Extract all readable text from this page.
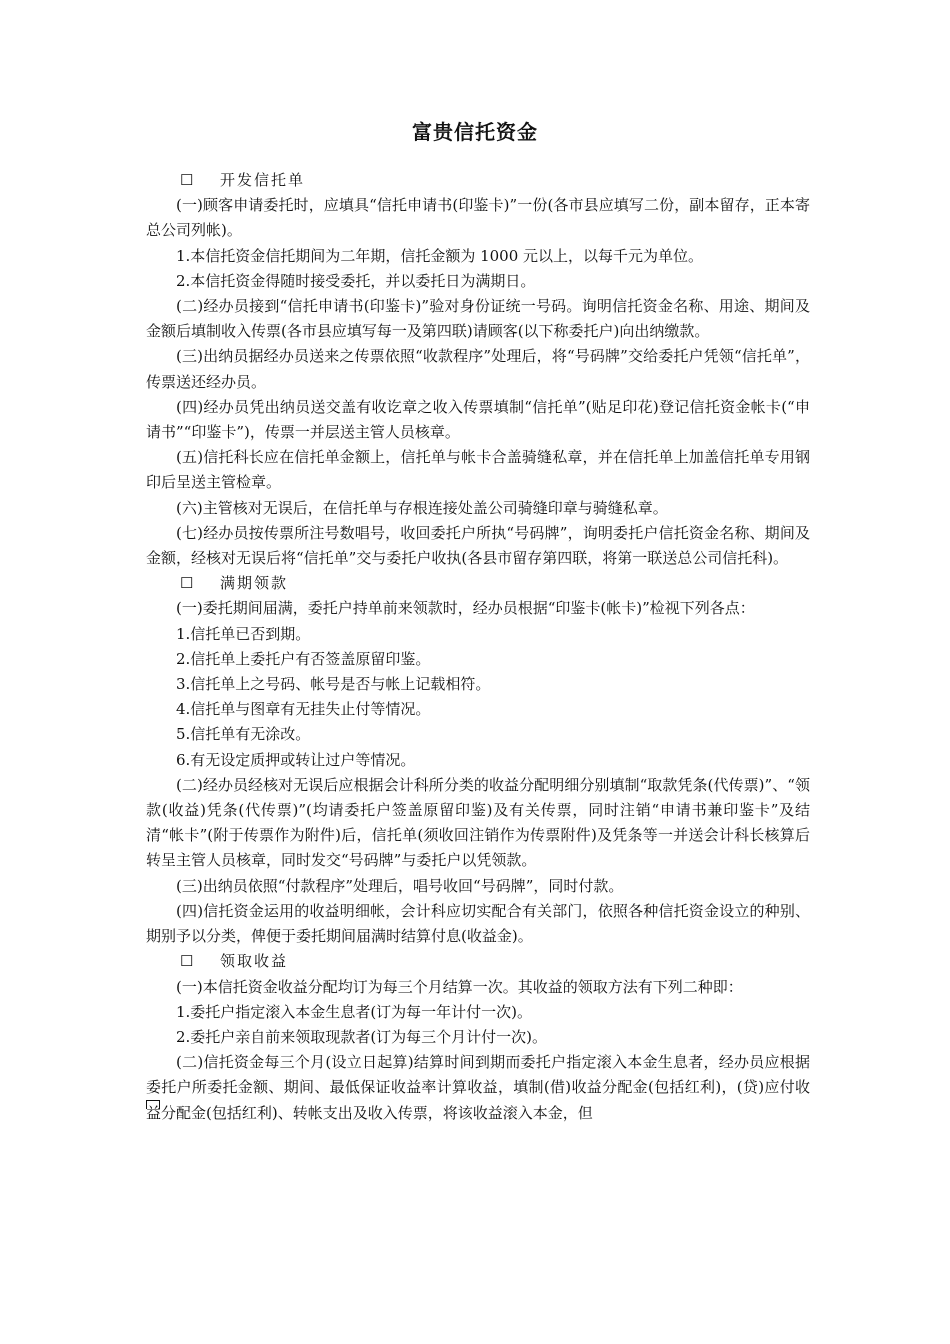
富贵信托资金

☐ 开发信托单

(一)顾客申请委托时，应填具“信托申请书(印鉴卡)”一份(各市县应填写二份，副本留存，正本寄总公司列帐)。

1.本信托资金信托期间为二年期，信托金额为 1000 元以上，以每千元为单位。

2.本信托资金得随时接受委托，并以委托日为满期日。

(二)经办员接到“信托申请书(印鉴卡)”验对身份证统一号码。询明信托资金名称、用途、期间及金额后填制收入传票(各市县应填写每一及第四联)请顾客(以下称委托户)向出纳缴款。

(三)出纳员据经办员送来之传票依照“收款程序”处理后，将“号码牌”交给委托户凭领“信托单”，传票送还经办员。

(四)经办员凭出纳员送交盖有收讫章之收入传票填制“信托单”(贴足印花)登记信托资金帐卡(“申请书”“印鉴卡”)，传票一并层送主管人员核章。

(五)信托科长应在信托单金额上，信托单与帐卡合盖骑缝私章，并在信托单上加盖信托单专用钢印后呈送主管检章。

(六)主管核对无误后，在信托单与存根连接处盖公司骑缝印章与骑缝私章。

(七)经办员按传票所注号数唱号，收回委托户所执“号码牌”，询明委托户信托资金名称、期间及金额，经核对无误后将“信托单”交与委托户收执(各县市留存第四联，将第一联送总公司信托科)。

☐ 满期领款

(一)委托期间届满，委托户持单前来领款时，经办员根据“印鉴卡(帐卡)”检视下列各点：

1.信托单已否到期。

2.信托单上委托户有否签盖原留印鉴。

3.信托单上之号码、帐号是否与帐上记载相符。

4.信托单与图章有无挂失止付等情况。

5.信托单有无涂改。

6.有无设定质押或转让过户等情况。

(二)经办员经核对无误后应根据会计科所分类的收益分配明细分别填制“取款凭条(代传票)”、“领款(收益)凭条(代传票)”(均请委托户签盖原留印鉴)及有关传票，同时注销“申请书兼印鉴卡”及结清“帐卡”(附于传票作为附件)后，信托单(须收回注销作为传票附件)及凭条等一并送会计科长核算后转呈主管人员核章，同时发交“号码牌”与委托户以凭领款。

(三)出纳员依照“付款程序”处理后，唱号收回“号码牌”，同时付款。

(四)信托资金运用的收益明细帐，会计科应切实配合有关部门，依照各种信托资金设立的种别、期别予以分类，俾便于委托期间届满时结算付息(收益金)。

☐ 领取收益

(一)本信托资金收益分配均订为每三个月结算一次。其收益的领取方法有下列二种即：

1.委托户指定滚入本金生息者(订为每一年计付一次)。

2.委托户亲自前来领取现款者(订为每三个月计付一次)。

(二)信托资金每三个月(设立日起算)结算时间到期而委托户指定滚入本金生息者，经办员应根据委托户所委托金额、期间、最低保证收益率计算收益，填制(借)收益分配金(包括红利)，(贷)应付收益分配金(包括红利)、转帐支出及收入传票，将该收益滚入本金，但
